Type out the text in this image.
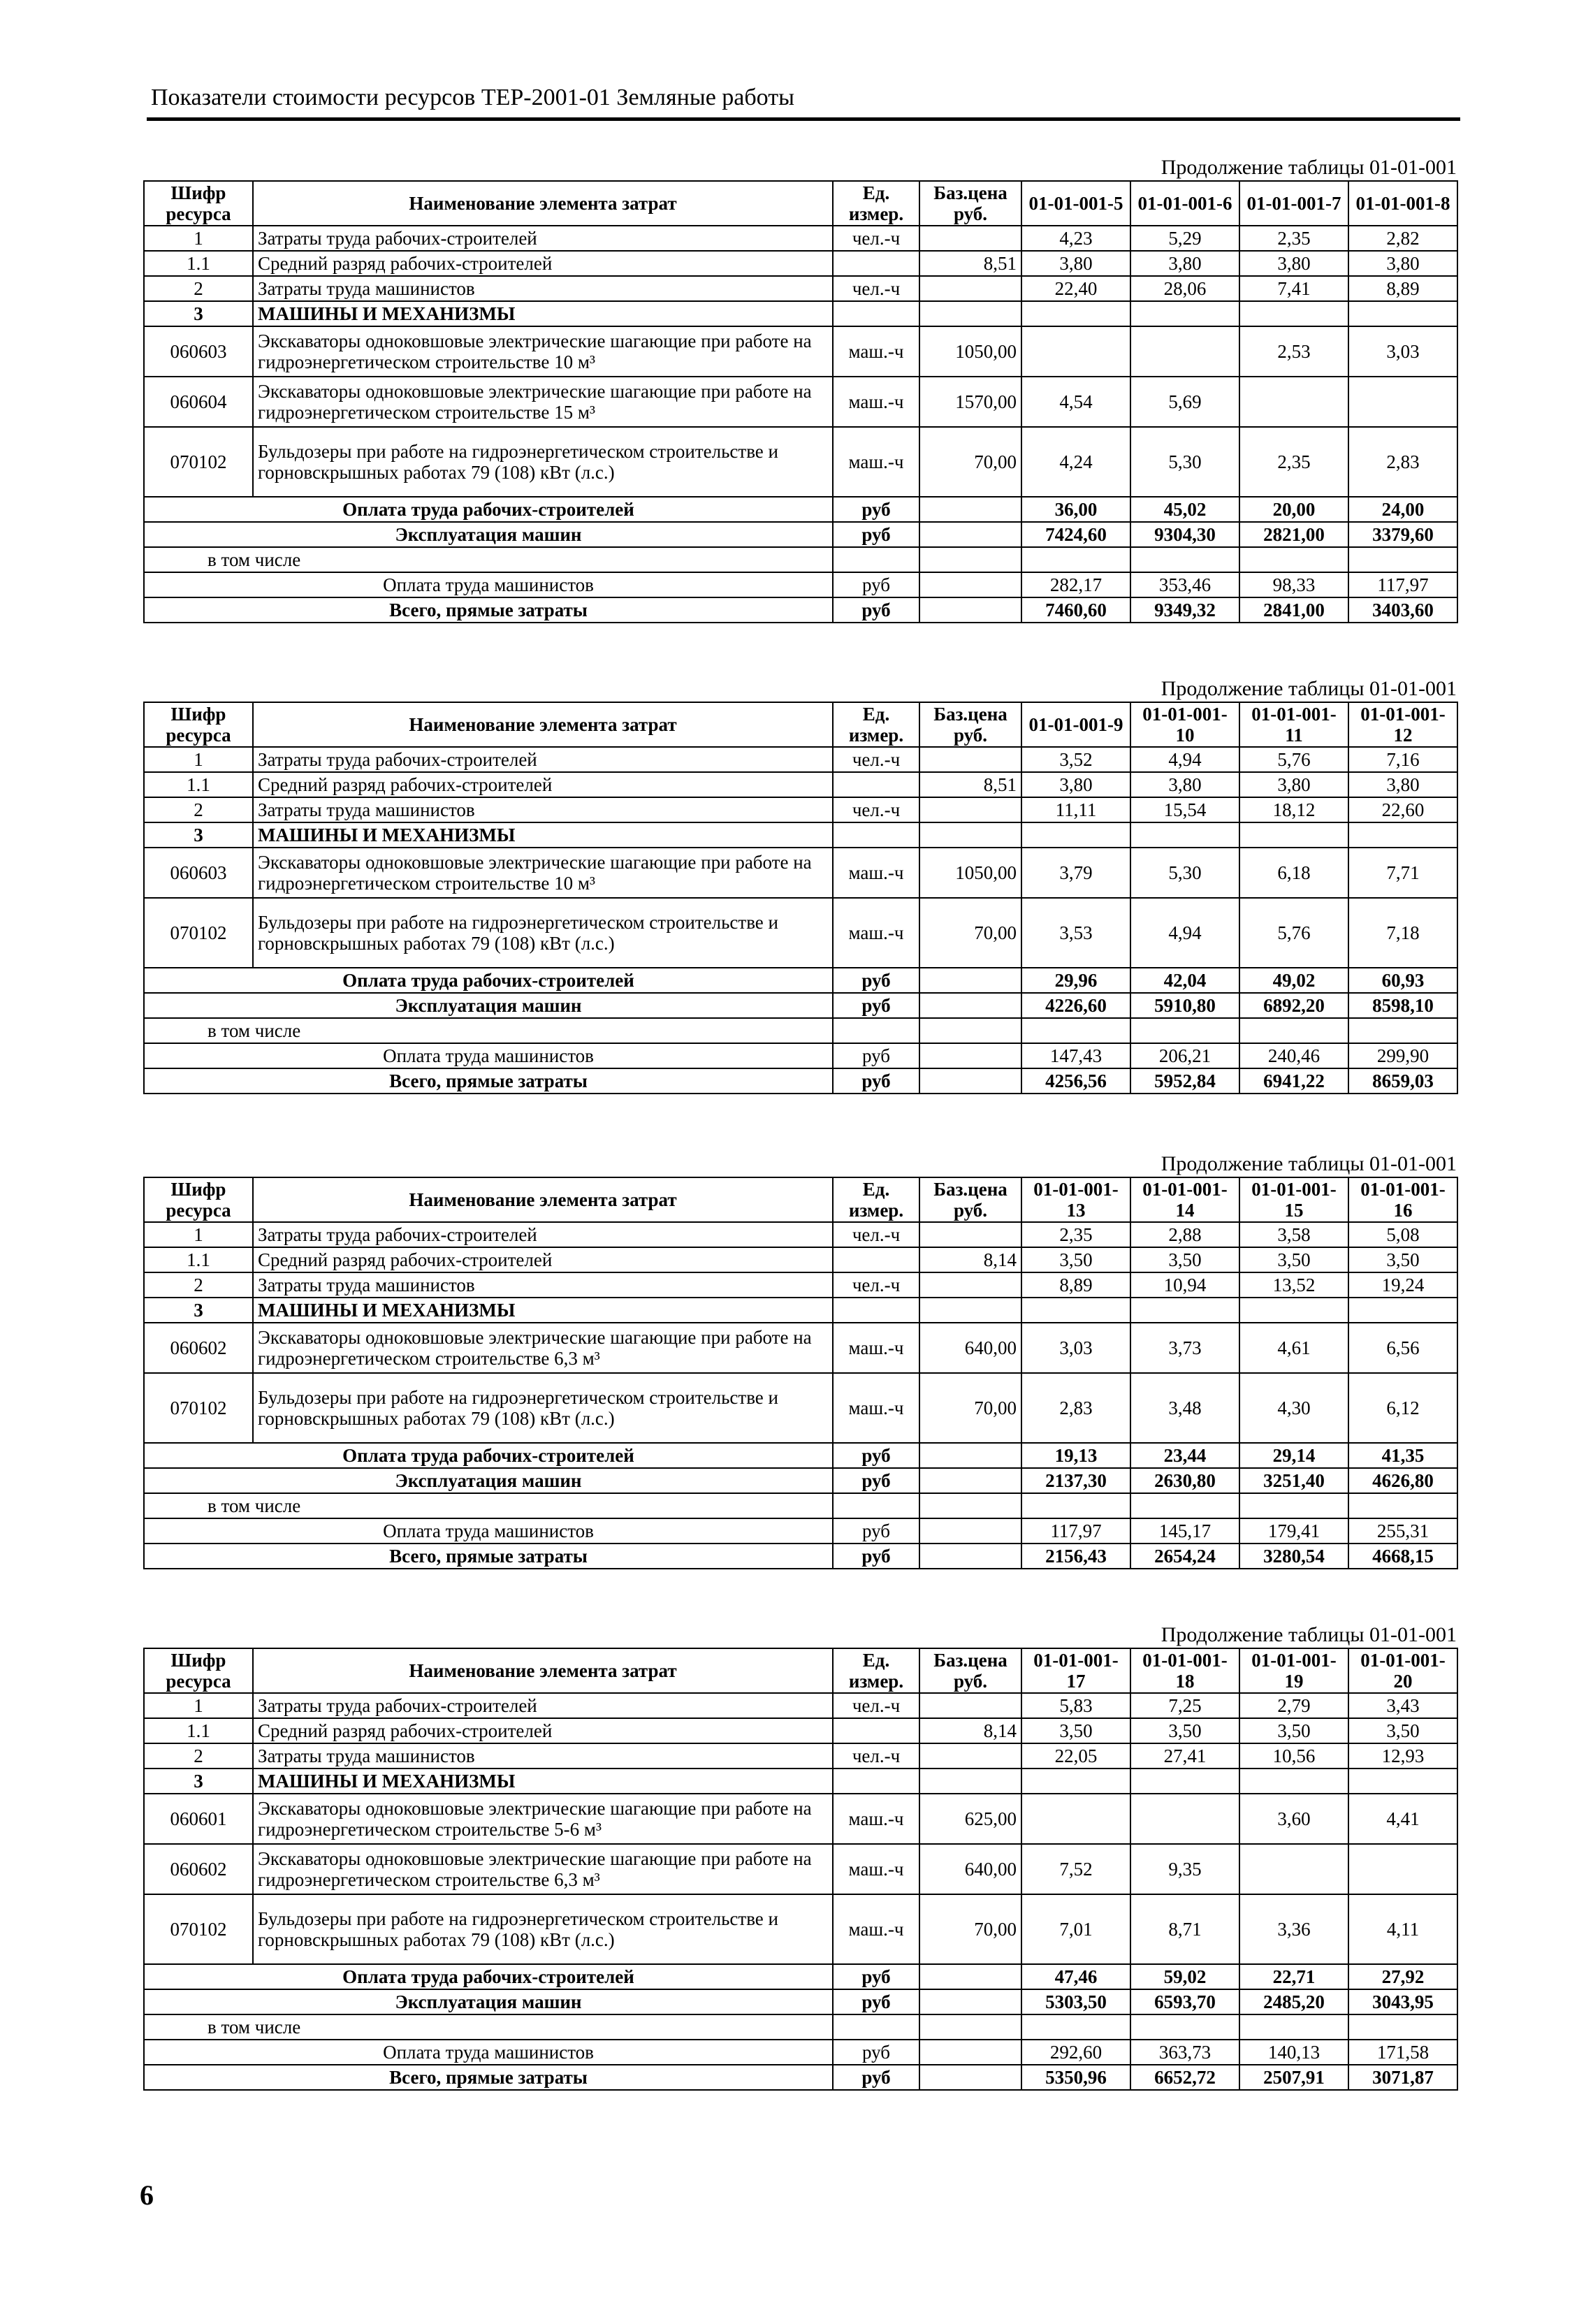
Показатели стоимости ресурсов ТЕР-2001-01 Земляные работы
Продолжение таблицы 01-01-001
Шифр ресурса	Наименование элемента затрат	Ед. измер.	Баз.цена руб.	01-01-001-5	01-01-001-6	01-01-001-7	01-01-001-8
1	Затраты труда рабочих-строителей	чел.-ч		4,23	5,29	2,35	2,82
1.1	Средний разряд рабочих-строителей		8,51	3,80	3,80	3,80	3,80
2	Затраты труда машинистов	чел.-ч		22,40	28,06	7,41	8,89
3	МАШИНЫ И МЕХАНИЗМЫ						
060603	Экскаваторы одноковшовые электрические шагающие при работе на гидроэнергетическом строительстве 10 м³	маш.-ч	1050,00			2,53	3,03
060604	Экскаваторы одноковшовые электрические шагающие при работе на гидроэнергетическом строительстве 15 м³	маш.-ч	1570,00	4,54	5,69		
070102	Бульдозеры при работе на гидроэнергетическом строительстве и горновскрышных работах 79 (108) кВт (л.с.)	маш.-ч	70,00	4,24	5,30	2,35	2,83
Оплата труда рабочих-строителей		руб		36,00	45,02	20,00	24,00
Эксплуатация машин		руб		7424,60	9304,30	2821,00	3379,60
в том числе							
Оплата труда машинистов		руб		282,17	353,46	98,33	117,97
Всего, прямые затраты		руб		7460,60	9349,32	2841,00	3403,60
Продолжение таблицы 01-01-001
Шифр ресурса	Наименование элемента затрат	Ед. измер.	Баз.цена руб.	01-01-001-9	01-01-001-10	01-01-001-11	01-01-001-12
1	Затраты труда рабочих-строителей	чел.-ч		3,52	4,94	5,76	7,16
1.1	Средний разряд рабочих-строителей		8,51	3,80	3,80	3,80	3,80
2	Затраты труда машинистов	чел.-ч		11,11	15,54	18,12	22,60
3	МАШИНЫ И МЕХАНИЗМЫ						
060603	Экскаваторы одноковшовые электрические шагающие при работе на гидроэнергетическом строительстве 10 м³	маш.-ч	1050,00	3,79	5,30	6,18	7,71
070102	Бульдозеры при работе на гидроэнергетическом строительстве и горновскрышных работах 79 (108) кВт (л.с.)	маш.-ч	70,00	3,53	4,94	5,76	7,18
Оплата труда рабочих-строителей		руб		29,96	42,04	49,02	60,93
Эксплуатация машин		руб		4226,60	5910,80	6892,20	8598,10
в том числе							
Оплата труда машинистов		руб		147,43	206,21	240,46	299,90
Всего, прямые затраты		руб		4256,56	5952,84	6941,22	8659,03
Продолжение таблицы 01-01-001
Шифр ресурса	Наименование элемента затрат	Ед. измер.	Баз.цена руб.	01-01-001-13	01-01-001-14	01-01-001-15	01-01-001-16
1	Затраты труда рабочих-строителей	чел.-ч		2,35	2,88	3,58	5,08
1.1	Средний разряд рабочих-строителей		8,14	3,50	3,50	3,50	3,50
2	Затраты труда машинистов	чел.-ч		8,89	10,94	13,52	19,24
3	МАШИНЫ И МЕХАНИЗМЫ						
060602	Экскаваторы одноковшовые электрические шагающие при работе на гидроэнергетическом строительстве 6,3 м³	маш.-ч	640,00	3,03	3,73	4,61	6,56
070102	Бульдозеры при работе на гидроэнергетическом строительстве и горновскрышных работах 79 (108) кВт (л.с.)	маш.-ч	70,00	2,83	3,48	4,30	6,12
Оплата труда рабочих-строителей		руб		19,13	23,44	29,14	41,35
Эксплуатация машин		руб		2137,30	2630,80	3251,40	4626,80
в том числе							
Оплата труда машинистов		руб		117,97	145,17	179,41	255,31
Всего, прямые затраты		руб		2156,43	2654,24	3280,54	4668,15
Продолжение таблицы 01-01-001
Шифр ресурса	Наименование элемента затрат	Ед. измер.	Баз.цена руб.	01-01-001-17	01-01-001-18	01-01-001-19	01-01-001-20
1	Затраты труда рабочих-строителей	чел.-ч		5,83	7,25	2,79	3,43
1.1	Средний разряд рабочих-строителей		8,14	3,50	3,50	3,50	3,50
2	Затраты труда машинистов	чел.-ч		22,05	27,41	10,56	12,93
3	МАШИНЫ И МЕХАНИЗМЫ						
060601	Экскаваторы одноковшовые электрические шагающие при работе на гидроэнергетическом строительстве 5-6 м³	маш.-ч	625,00			3,60	4,41
060602	Экскаваторы одноковшовые электрические шагающие при работе на гидроэнергетическом строительстве 6,3 м³	маш.-ч	640,00	7,52	9,35		
070102	Бульдозеры при работе на гидроэнергетическом строительстве и горновскрышных работах 79 (108) кВт (л.с.)	маш.-ч	70,00	7,01	8,71	3,36	4,11
Оплата труда рабочих-строителей		руб		47,46	59,02	22,71	27,92
Эксплуатация машин		руб		5303,50	6593,70	2485,20	3043,95
в том числе							
Оплата труда машинистов		руб		292,60	363,73	140,13	171,58
Всего, прямые затраты		руб		5350,96	6652,72	2507,91	3071,87
6
